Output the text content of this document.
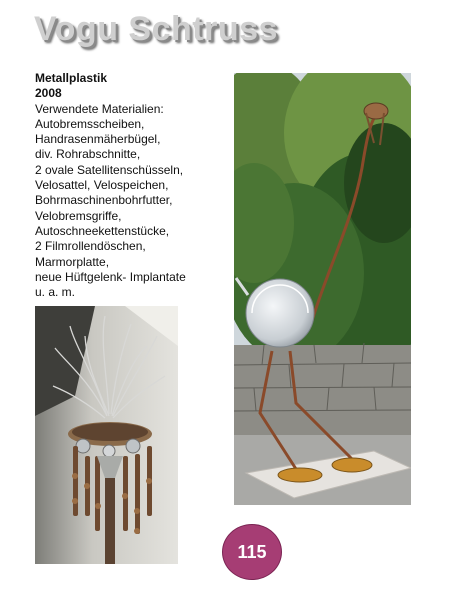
Vogu Schtruss
Metallplastik
2008
Verwendete Materialien:
Autobremsscheiben,
Handrasenmäherbügel,
div. Rohrabschnitte,
2 ovale Satellitenschüsseln,
Velosattel, Velospeichen,
Bohrmaschinenbohrfutter,
Velobremsgriffe,
Autoschneekettenstücke,
2 Filmrollendöschen,
Marmorplatte,
neue Hüftgelenk- Implantate
u. a. m.
115
